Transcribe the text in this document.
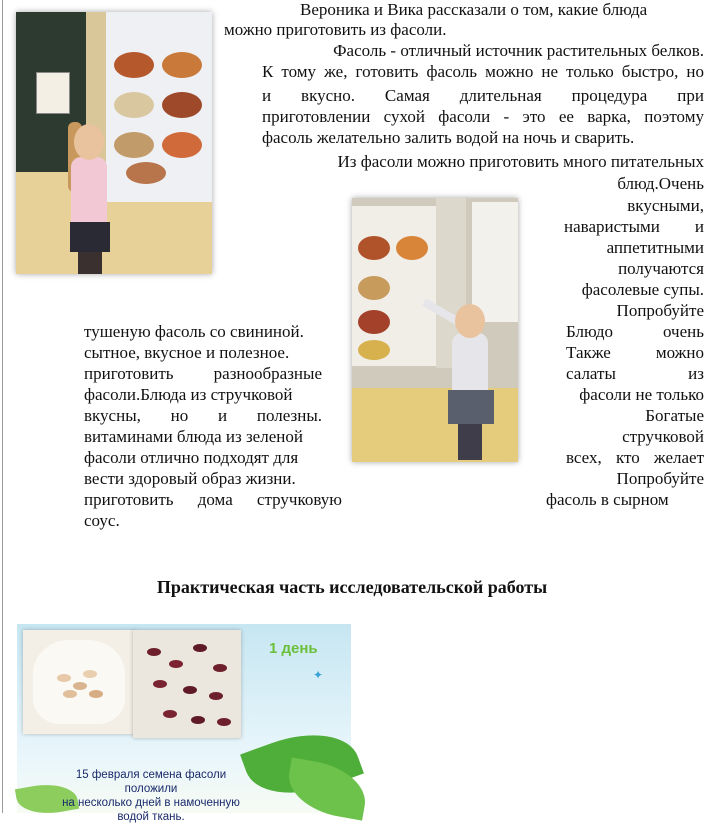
Вероника и Вика рассказали о том, какие блюда
можно приготовить из фасоли.

Фасоль - отличный источник растительных белков.

К тому же, готовить фасоль можно не только быстро, но

и вкусно. Самая длительная процедура при

приготовлении сухой фасоли - это ее варка, поэтому

фасоль желательно залить водой на ночь и сварить.

Из фасоли можно приготовить много питательных

блюд.Очень

вкусными,

наваристыми и

аппетитными

получаются

фасолевые супы.

Попробуйте

тушеную фасоль со свининой.

сытное, вкусное и полезное.

приготовить разнообразные

фасоли.Блюда из стручковой

вкусны, но и полезны.

витаминами блюда из зеленой

фасоли отлично подходят для

вести здоровый образ жизни.

приготовить дома стручковую

соус.

Блюдо очень

Также можно

салаты из

фасоли не только

Богатые

стручковой

всех, кто желает

Попробуйте

фасоль в сырном

Практическая часть исследовательской работы
1 день
✦
15 февраля семена фасоли положили
на несколько дней в намоченную
водой ткань.
